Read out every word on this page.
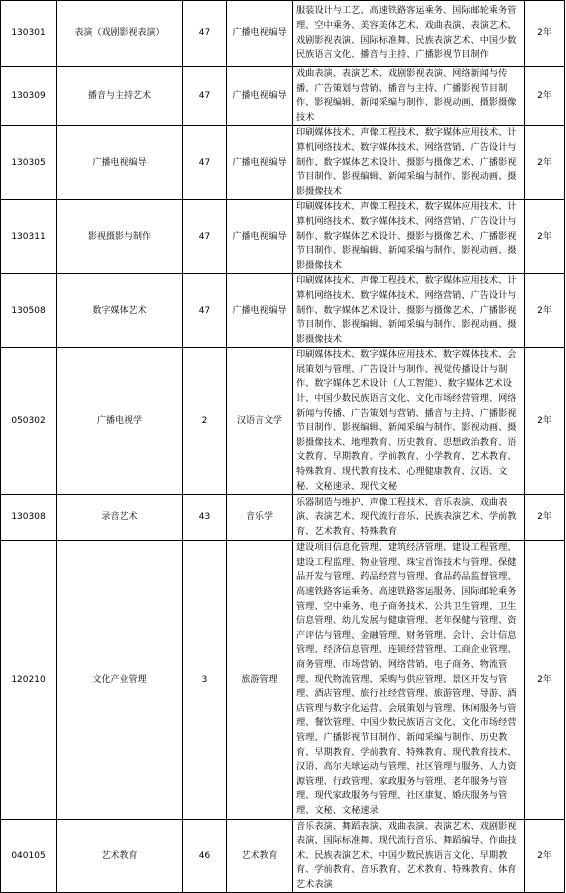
130301	表演（戏剧影视表演）	47	广播电视编导	服装设计与工艺、高速铁路客运乘务、国际邮轮乘务管理、空中乘务、美容美体艺术、戏曲表演、表演艺术、戏剧影视表演、国际标准舞、民族表演艺术、中国少数民族语言文化、播音与主持、广播影视节目制作	2年
130309	播音与主持艺术	47	广播电视编导	戏曲表演、表演艺术、戏剧影视表演、网络新闻与传播、广告策划与营销、播音与主持、广播影视节目制作、影视编辑、新闻采编与制作、影视动画、摄影摄像技术	2年
130305	广播电视编导	47	广播电视编导	印刷媒体技术、声像工程技术、数字媒体应用技术、计算机网络技术、数字媒体技术、网络营销、广告设计与制作、数字媒体艺术设计、摄影与摄像艺术、广播影视节目制作、影视编辑、新闻采编与制作、影视动画、摄影摄像技术	2年
130311	影视摄影与制作	47	广播电视编导	印刷媒体技术、声像工程技术、数字媒体应用技术、计算机网络技术、数字媒体技术、网络营销、广告设计与制作、数字媒体艺术设计、摄影与摄像艺术、广播影视节目制作、影视编辑、新闻采编与制作、影视动画、摄影摄像技术	2年
130508	数字媒体艺术	47	广播电视编导	印刷媒体技术、声像工程技术、数字媒体应用技术、计算机网络技术、数字媒体技术、网络营销、广告设计与制作、数字媒体艺术设计、摄影与摄像艺术、广播影视节目制作、影视编辑、新闻采编与制作、影视动画、摄影摄像技术	2年
050302	广播电视学	2	汉语言文学	印刷媒体技术、数字媒体应用技术、数字媒体技术、会展策划与管理、广告设计与制作、视觉传播设计与制作、数字媒体艺术设计（人工智能）、数字媒体艺术设计、中国少数民族语言文化、文化市场经营管理、网络新闻与传播、广告策划与营销、播音与主持、广播影视节目制作、影视编辑、新闻采编与制作、影视动画、摄影摄像技术、地理教育、历史教育、思想政治教育、语文教育、早期教育、学前教育、小学教育、艺术教育、特殊教育、现代教育技术、心理健康教育、汉语、文秘、文秘速录、现代文秘	2年
130308	录音艺术	43	音乐学	乐器制造与维护、声像工程技术、音乐表演、戏曲表演、表演艺术、现代流行音乐、民族表演艺术、学前教育、艺术教育、特殊教育	2年
120210	文化产业管理	3	旅游管理	建设项目信息化管理、建筑经济管理、建设工程管理、建设工程监理、物业管理、珠宝首饰技术与管理、保健品开发与管理、药品经营与管理、食品药品监督管理、高速铁路客运乘务、高速铁路客运服务、国际邮轮乘务管理、空中乘务、电子商务技术、公共卫生管理、卫生信息管理、幼儿发展与健康管理、老年保健与管理、资产评估与管理、金融管理、财务管理、会计、会计信息管理、经济信息管理、连锁经营管理、工商企业管理、商务管理、市场营销、网络营销、电子商务、物流管理、现代物流管理、采购与供应管理、景区开发与管理、酒店管理、旅行社经营管理、旅游管理、导游、酒店管理与数字化运营、会展策划与管理、休闲服务与管理、餐饮管理、中国少数民族语言文化、文化市场经营管理、广播影视节目制作、新闻采编与制作、历史教育、早期教育、学前教育、特殊教育、现代教育技术、汉语、高尔夫球运动与管理、社区管理与服务、人力资源管理、行政管理、家政服务与管理、老年服务与管理、现代家政服务与管理、社区康复、婚庆服务与管理、文秘、文秘速录	2年
040105	艺术教育	46	艺术教育	音乐表演、舞蹈表演、戏曲表演、表演艺术、戏剧影视表演、国际标准舞、现代流行音乐、舞蹈编导、作曲技术、民族表演艺术、中国少数民族语言文化、早期教育、学前教育、音乐教育、艺术教育、特殊教育、体育艺术表演	2年
